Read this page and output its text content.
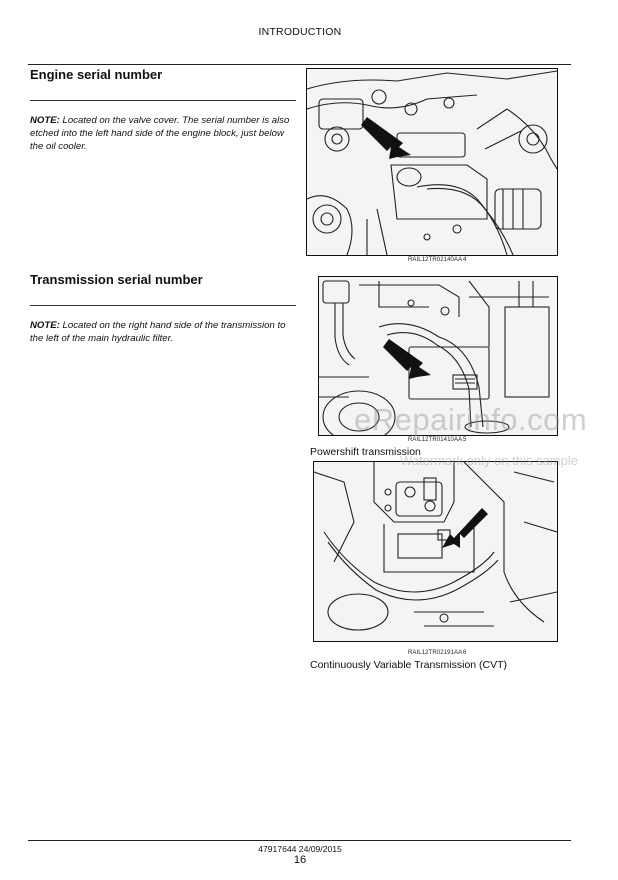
INTRODUCTION
Engine serial number
NOTE: Located on the valve cover. The serial number is also etched into the left hand side of the engine block, just below the oil cooler.
RAIL12TR02140AA 4
Transmission serial number
NOTE: Located on the right hand side of the transmission to the left of the main hydraulic filter.
RAIL12TR01410AA 5
Powershift transmission
RAIL12TR02191AA 6
Continuously Variable Transmission (CVT)
eRepairinfo.com
Watermark only on this sample
47917644 24/09/2015
16
